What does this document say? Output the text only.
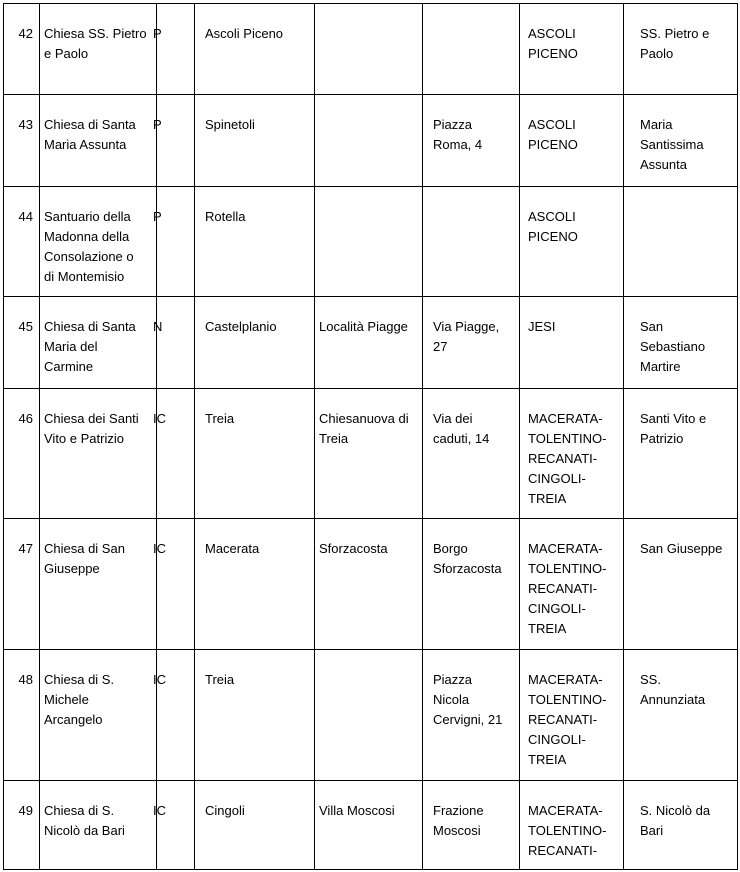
42	Chiesa SS. Pietro
e Paolo	P	Ascoli Piceno			ASCOLI
PICENO	SS. Pietro e
Paolo

43	Chiesa di Santa
Maria Assunta	P	Spinetoli		Piazza
Roma, 4	ASCOLI
PICENO	Maria
Santissima
Assunta

44	Santuario della
Madonna della
Consolazione o
di Montemisio	P	Rotella			ASCOLI
PICENO	

45	Chiesa di Santa
Maria del
Carmine	N	Castelplanio	Località Piagge	Via Piagge,
27	JESI	San
Sebastiano
Martire

46	Chiesa dei Santi
Vito e Patrizio	IC	Treia	Chiesanuova di
Treia	Via dei
caduti, 14	MACERATA-
TOLENTINO-
RECANATI-
CINGOLI-
TREIA	Santi Vito e
Patrizio

47	Chiesa di San
Giuseppe	IC	Macerata	Sforzacosta	Borgo
Sforzacosta	MACERATA-
TOLENTINO-
RECANATI-
CINGOLI-
TREIA	San Giuseppe

48	Chiesa di S.
Michele
Arcangelo	IC	Treia		Piazza
Nicola
Cervigni, 21	MACERATA-
TOLENTINO-
RECANATI-
CINGOLI-
TREIA	SS.
Annunziata

49	Chiesa di S.
Nicolò da Bari	IC	Cingoli	Villa Moscosi	Frazione
Moscosi	MACERATA-
TOLENTINO-
RECANATI-	S. Nicolò da
Bari
